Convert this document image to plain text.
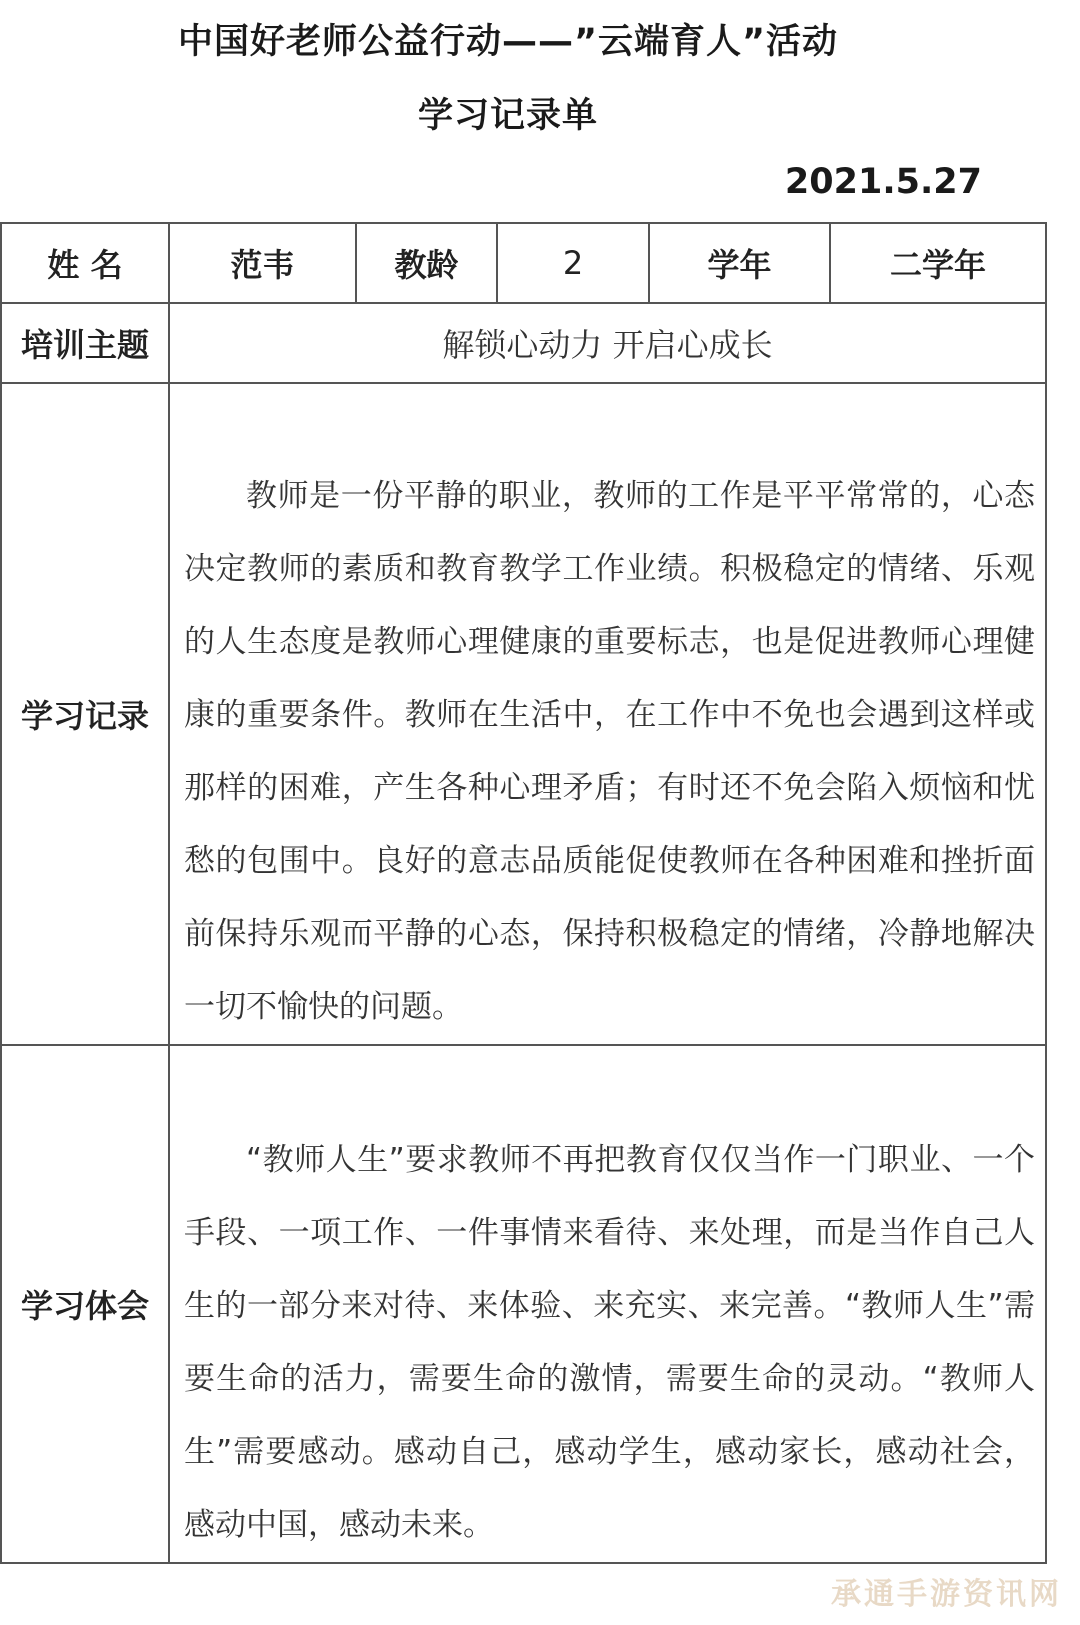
中国好老师公益行动——”云端育人”活动
学习记录单
2021.5.27
姓 名	范韦	教龄	2	学年	二学年
培训主题	解锁心动力 开启心成长				
学习记录	教师是一份平静的职业，教师的工作是平平常常的，心态决定教师的素质和教育教学工作业绩。积极稳定的情绪、乐观的人生态度是教师心理健康的重要标志，也是促进教师心理健康的重要条件。教师在生活中，在工作中不免也会遇到这样或那样的困难，产生各种心理矛盾；有时还不免会陷入烦恼和忧愁的包围中。良好的意志品质能促使教师在各种困难和挫折面前保持乐观而平静的心态，保持积极稳定的情绪，冷静地解决一切不愉快的问题。				

学习体会	“教师人生”要求教师不再把教育仅仅当作一门职业、一个手段、一项工作、一件事情来看待、来处理，而是当作自己人生的一部分来对待、来体验、来充实、来完善。“教师人生”需要生命的活力，需要生命的激情，需要生命的灵动。“教师人生”需要感动。感动自己，感动学生，感动家长，感动社会，感动中国，感动未来。				

承通手游资讯网
